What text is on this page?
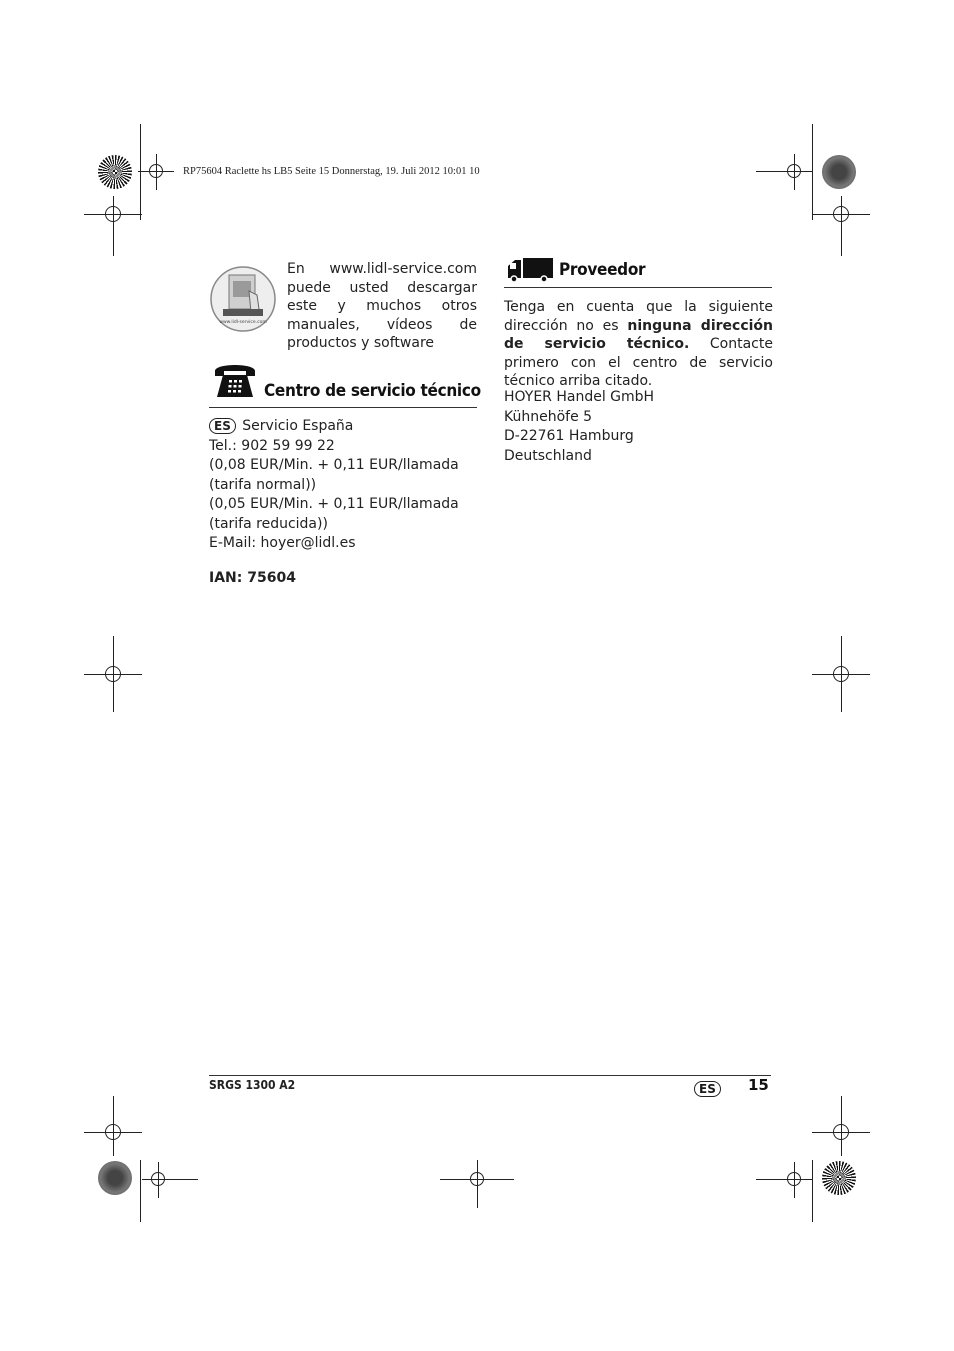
RP75604 Raclette hs LB5 Seite 15 Donnerstag, 19. Juli 2012 10:01 10
www.lidl-service.com
En www.lidl-service.com puede usted descargar este y muchos otros manuales, vídeos de productos y software
Centro de servicio técnico
ES Servicio España
Tel.: 902 59 99 22
(0,08 EUR/Min. + 0,11 EUR/llamada
(tarifa normal))
(0,05 EUR/Min. + 0,11 EUR/llamada
(tarifa reducida))
E-Mail: hoyer@lidl.es
IAN: 75604
Proveedor
Tenga en cuenta que la siguiente dirección no es ninguna dirección de servicio técnico. Contacte primero con el centro de servicio técnico arriba citado.
HOYER Handel GmbH
Kühnehöfe 5
D-22761 Hamburg
Deutschland
SRGS 1300 A2	ES	15
